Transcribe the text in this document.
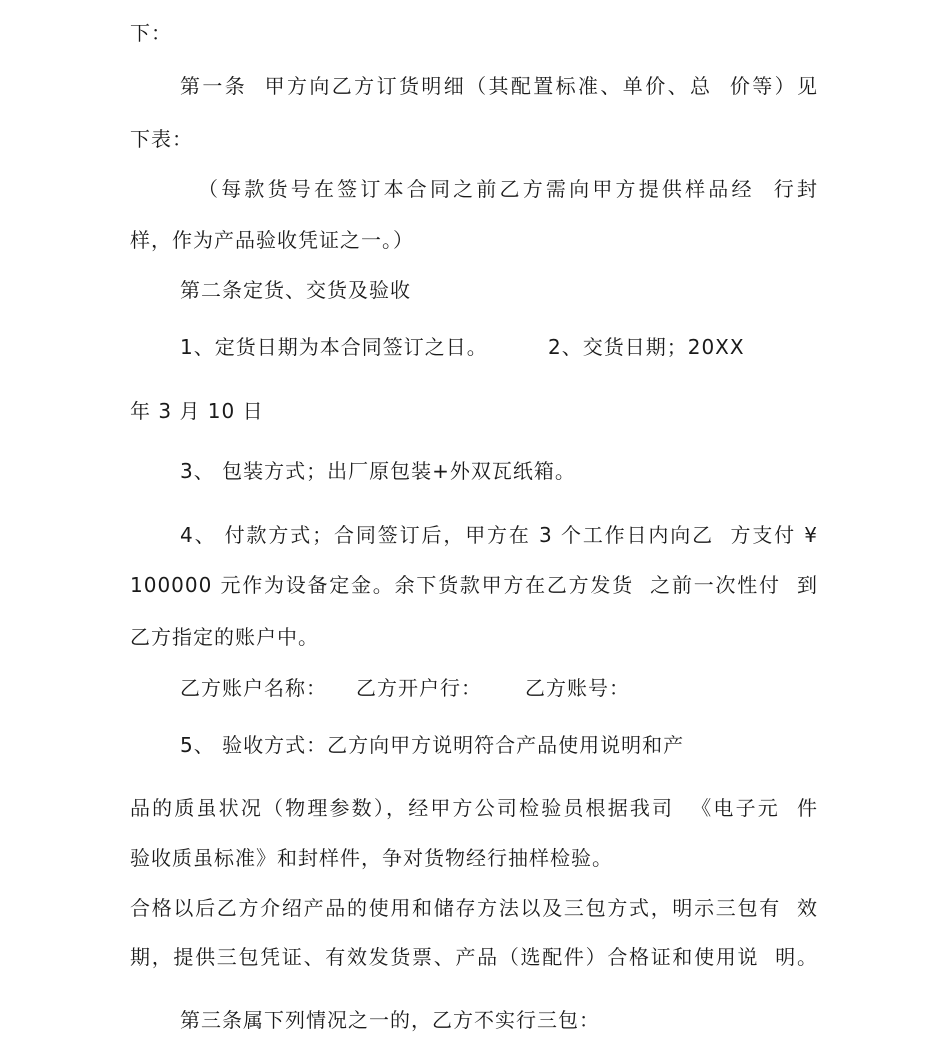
下：
第一条  甲方向乙方订货明细（其配置标准、单价、总  价等）见
下表：
（每款货号在签订本合同之前乙方需向甲方提供样品经  行封
样，作为产品验收凭证之一。）
第二条定货、交货及验收
1、定货日期为本合同签订之日。	2、交货日期；20XX
年 3 月 10 日
3、 包装方式；出厂原包装+外双瓦纸箱。
4、 付款方式；合同签订后，甲方在 3 个工作日内向乙  方支付 ¥
100000 元作为设备定金。余下货款甲方在乙方发货  之前一次性付  到
乙方指定的账户中。
乙方账户名称： 乙方开户行： 乙方账号：
5、 验收方式：乙方向甲方说明符合产品使用说明和产
品的质虽状况（物理参数），经甲方公司检验员根据我司  《电子元  件
验收质虽标准》和封样件，争对货物经行抽样检验。
合格以后乙方介绍产品的使用和储存方法以及三包方式，明示三包有  效
期，提供三包凭证、有效发货票、产品（选配件）合格证和使用说  明。
第三条属下列情况之一的，乙方不实行三包：
